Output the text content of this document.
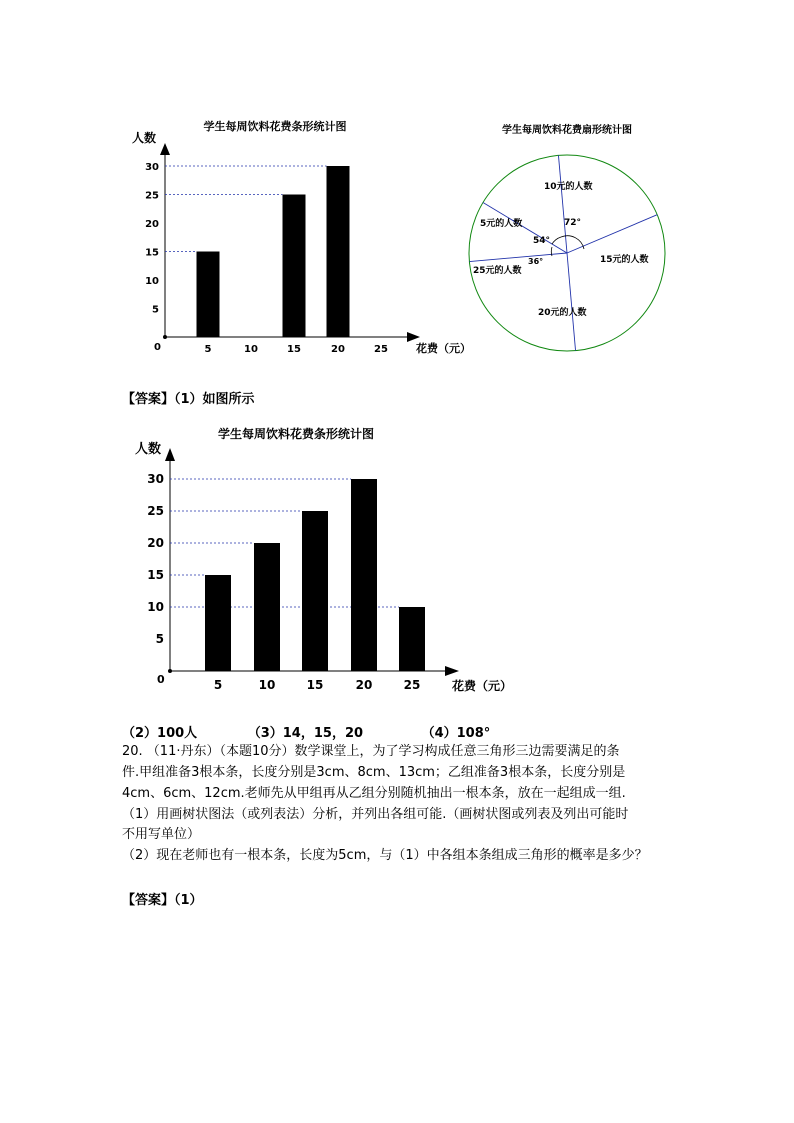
学生每周饮料花费条形统计图
人数
0
5
10
15
20
25
30
5	10	15	20	25	花费（元）
学生每周饮料花费扇形统计图
10元的人数
5元的人数
15元的人数
25元的人数
20元的人数
72°
54°
36°
【答案】（1）如图所示
学生每周饮料花费条形统计图
人数
0
5
10
15
20
25
30
5	10	15	20	25	花费（元）
（2）100人	（3）14，15，20	（4）108°
20. （11·丹东）（本题10分）数学课堂上，为了学习构成任意三角形三边需要满足的条
件.甲组准备3根本条，长度分别是3cm、8cm、13cm；乙组准备3根本条，长度分别是
4cm、6cm、12cm.老师先从甲组再从乙组分别随机抽出一根本条，放在一起组成一组.
（1）用画树状图法（或列表法）分析，并列出各组可能.（画树状图或列表及列出可能时
不用写单位）
（2）现在老师也有一根本条，长度为5cm，与（1）中各组本条组成三角形的概率是多少？
【答案】（1）
